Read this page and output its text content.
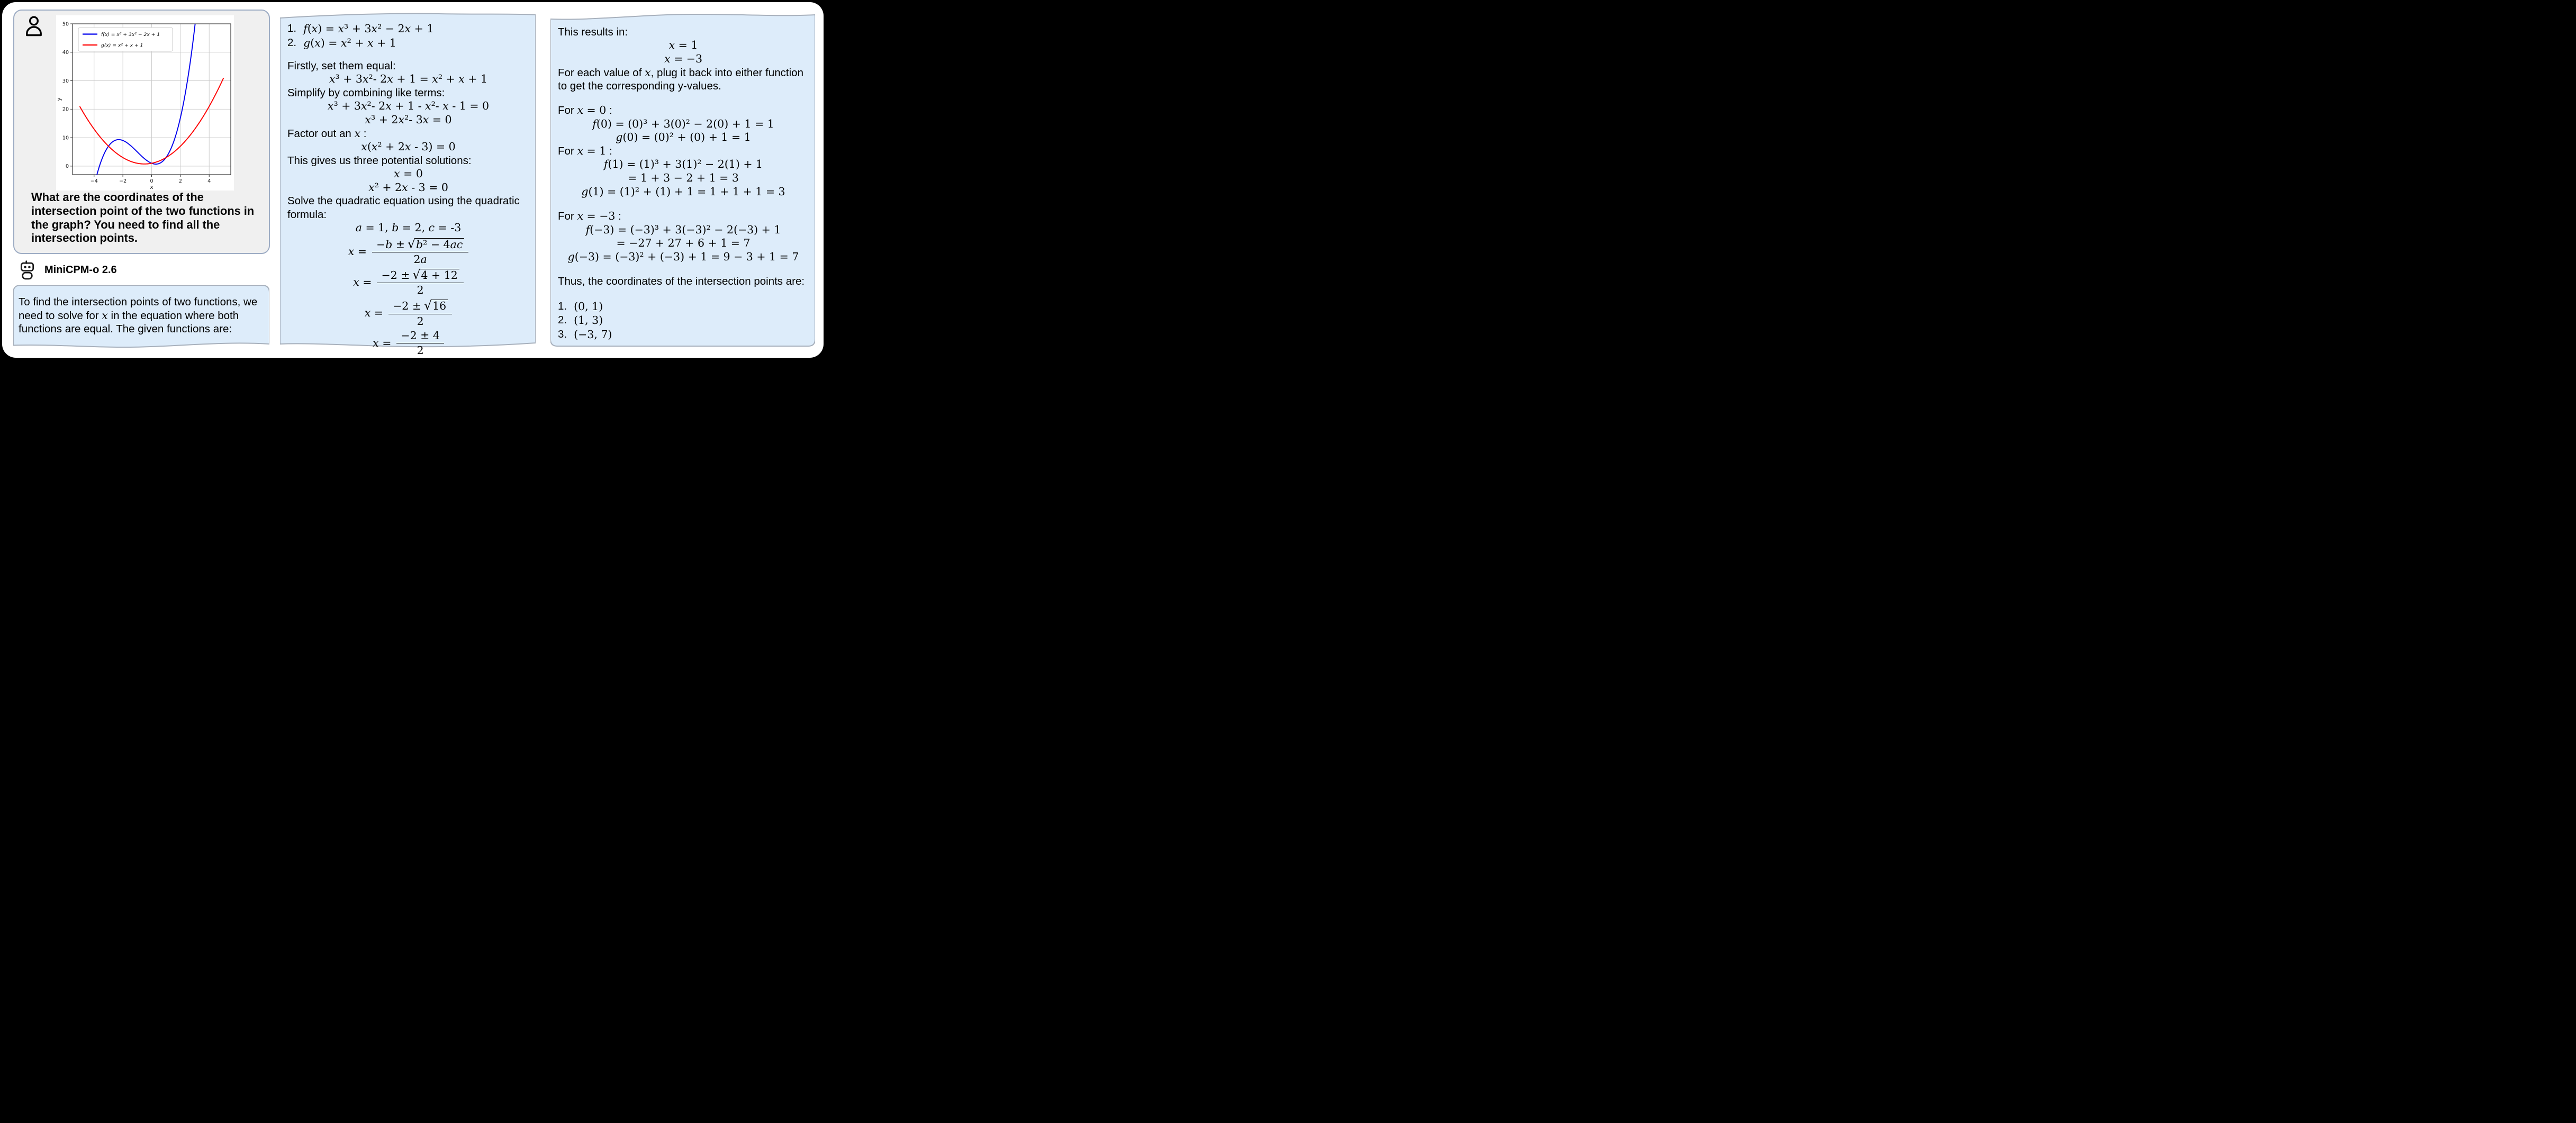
−4	−2	0	2	4
0
10
20
30
40
50
x
y
f(x) = x³ + 3x² − 2x + 1
g(x) = x² + x + 1
What are the coordinates of the intersection point of the two functions in the graph? You need to find all the intersection points.
MiniCPM-o 2.6
To find the intersection points of two functions, we need to solve for x in the equation where both functions are equal. The given functions are:
1. f(x) = x³ + 3x² − 2x + 1
2. g(x) = x² + x + 1
Firstly, set them equal:
x³ + 3x²- 2x + 1 = x² + x + 1
Simplify by combining like terms:
x³ + 3x²- 2x + 1 - x²- x - 1 = 0
x³ + 2x²- 3x = 0
Factor out an x :
x(x² + 2x - 3) = 0
This gives us three potential solutions:
x = 0
x² + 2x - 3 = 0
Solve the quadratic equation using the quadratic formula:
a = 1, b = 2, c = -3
$x = \frac{\text{−b ± √ b² − 4ac}}{2a}$
$x = \frac{-2 \pm √ 4 + 12}{2}$
$x = \frac{-2 \pm √ 16}{2}$
$x = \frac{-2 \pm 4}{2}$
This results in:
x = 1
x = −3
For each value of x, plug it back into either function to get the corresponding y-values.
For x = 0 :
f(0) = (0)³ + 3(0)² − 2(0) + 1 = 1
g(0) = (0)² + (0) + 1 = 1
For x = 1 :
f(1) = (1)³ + 3(1)² − 2(1) + 1
= 1 + 3 − 2 + 1 = 3
g(1) = (1)² + (1) + 1 = 1 + 1 + 1 = 3
For x = −3 :
f(−3) = (−3)³ + 3(−3)² − 2(−3) + 1
= −27 + 27 + 6 + 1 = 7
g(−3) = (−3)² + (−3) + 1 = 9 − 3 + 1 = 7
Thus, the coordinates of the intersection points are:
1. (0, 1)
2. (1, 3)
3. (−3, 7)
